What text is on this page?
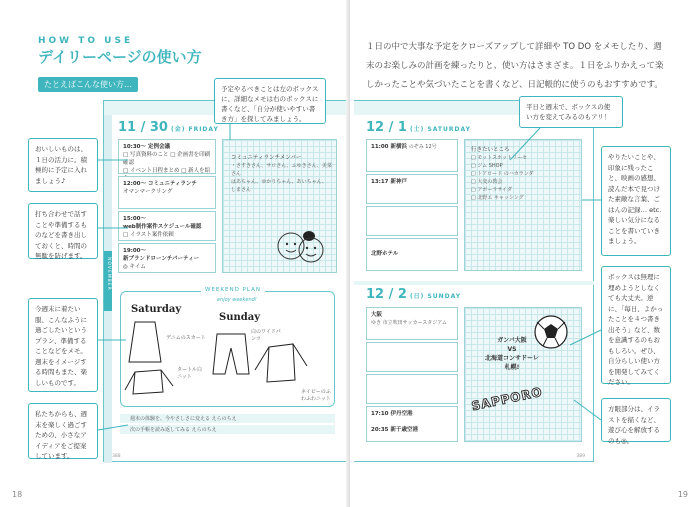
HOW TO USE
デイリーページの使い方
たとえばこんな使い方…
NOVEMBER
11 / 30 (金) FRIDAY
10:30〜 定例会議
□ 写真資料のこと □ 企画書を印刷確認
□ イベント日程まとめ □ 新人を紹
12:00〜 コミュニティランチ
オマンマークリング
15:00〜
web制作案件スケジュール確認
□ イラスト案件依頼
19:00〜
新ブランドローンチパーティー
◎ キイム
コミュニティランチメンバー
・さすきさん、サロさん、ふゆきさん、美菜さん
はあちゃん、ゆかりちゃん、あいちゃん、
しまさん
388
WEEKEND PLAN
enjoy weekend!
Saturday
Sunday
デニムのスカート
タートル白ニット
白のワイドパンツ
ネイビーのふわふわニット
週末の体験を、今やさしさに変える えらのちえ
次の手帳を読み返してみる えらのちえ
予定やるべきことは左のボックスに、詳細なメモは右のボックスに書くなど、「自分が使いやすい書き方」を探してみましょう。
おいしいものは、１日の活力に。積極的に予定に入れましょう♪
打ち合わせで話すことや準備するものなどを書き出しておくと、時間の無駄を防げます。
今週末に着たい服、こんなふうに過ごしたいというプラン、準備することなどをメモ。週末をイメージする時間もまた、楽しいものです。
私たちからも、週末を楽しく過ごすための、小さなアイディアをご提案しています。
18
１日の中で大事な予定をクローズアップして詳細や TO DO をメモしたり、週末のお楽しみの計画を練ったりと、使い方はさまざま。１日をふりかえって楽しかったことや気づいたことを書くなど、日記帳的に使うのもおすすめです。
19
12 / 1 (土) SATURDAY
11:00 新横浜 のぞみ 12号
13:17 新神戸

北野ホテル
行きたいところ
□ モットスホットリーセ
□ ジム SHOP
□ トアロード のハカランダ
□ 大変の教会
□ アポーラサイダ
□ 北野エ キャッシング
12 / 2 (日) SUNDAY
大阪
ゆき 市立吹田サッカースタジアム
17:10 伊丹空港

20:35 新千歳空港
ガンバ大阪
VS
北海道コンサドーレ
札幌!
SAPPORO
389
平日と週末で、ボックスの使い方を変えてみるのもアリ！
やりたいことや、印象に残ったこと、映画の感想、読んだ本で見つけた素敵な言葉、ごはんの記録… etc. 楽しい気分になることを書いていきましょう。
ボックスは無理に埋めようとしなくても大丈夫。逆に、「毎日、よかったことを４つ書き出そう」など、数を意識するのもおもしろい。ぜひ、自分らしい使い方を開発してみてください。
方眼部分は、イラストを描くなど、遊び心を解放するのも◎。
